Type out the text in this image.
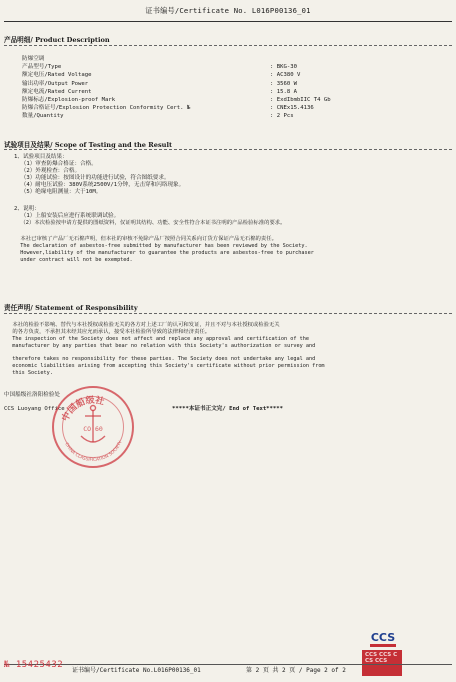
证书编号/Certificate No. L016P00136_01
产品明细/ Product Description
防爆空调
产品型号/Type	: BKG-30
额定电压/Rated Voltage	: AC380 V
输出功率/Output Power	: 3560 W
额定电流/Rated Current	: 15.8 A
防爆标志/Explosion-proof Mark	: ExdIbmbIIC T4 Gb
防爆合格证号/Explosion Protection Conformity Cert. №	: CNEx15.4136
数量/Quantity	: 2 Pcs
试验项目及结果/ Scope of Testing and the Result
1、试验项目及结果：
（1）审查防爆合格证：合格。
（2）外观检查：合格。
（3）功能试验：按图设计的功能进行试验，符合图纸要求。
（4）耐电压试验：380V系统2500V/1分钟，无击穿和闪络现象。
（5）绝缘电阻测量：大于10M。
2、说明：
（1）上船安装后应进行系统联调试验。
（2）本次检验按申请方提供的图纸资料，仅证明其结构、功能、安全性符合本证书注明的产品检验标准的要求。
本社已审核了产品厂无石棉声明，但本社的审核不免除产品厂按照合同关系向订货方保证产品无石棉的责任。
The declaration of asbestos-free submitted by manufacturer has been reviewed by the Society.
However,liability of the manufacturer to guarantee the products are asbestos-free to purchaser
under contract will not be exempted.
责任声明/ Statement of Responsibility
本社的检验不影响、替代与本社授权或检验无关的各方对上述工厂的认可和发证，并且不对与本社授权或检验无关
的各方负责，不承担其未经其应允而承认，接受本社检验所导致的法律和经济责任。
The inspection of the Society does not affect and replace any approval and certification of the
manufacturer by any parties that bear no relation with this Society's authorization or survey and
therefore takes no responsibility for these parties. The Society does not undertake any legal and
economic liabilities arising from accepting this Society's certificate without prior permission from
this Society.
中国船级社洛阳检验处
CCS Luoyang Office	*****本证书正文完/ End of Text*****
中国船级社
CO 60
CHINA CLASSIFICATION SOCIETY
CCS
CCS CCS CCS CCS
№ 15425432
证书编号/Certificate No.L016P00136_01	第 2 页 共 2 页 / Page 2 of 2
